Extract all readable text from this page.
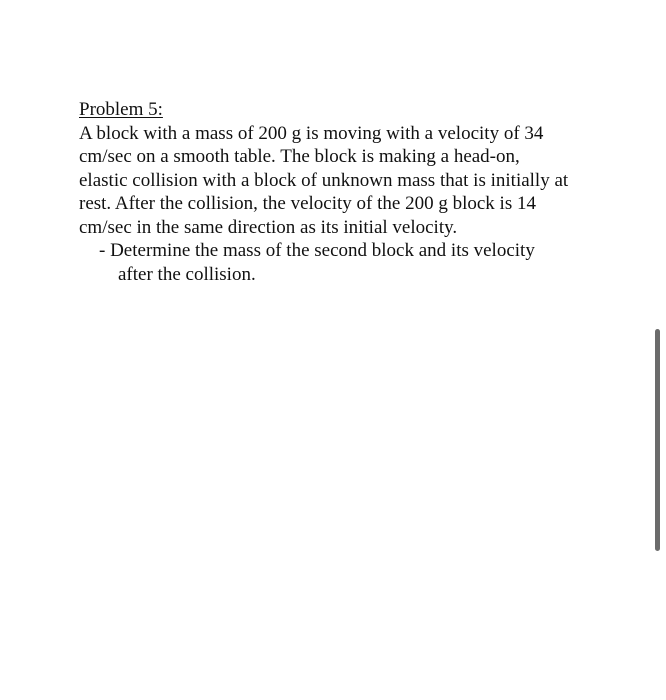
Problem 5:
A block with a mass of 200 g is moving with a velocity of 34
cm/sec on a smooth table. The block is making a head-on,
elastic collision with a block of unknown mass that is initially at
rest. After the collision, the velocity of the 200 g block is 14
cm/sec in the same direction as its initial velocity.
- Determine the mass of the second block and its velocity
after the collision.
